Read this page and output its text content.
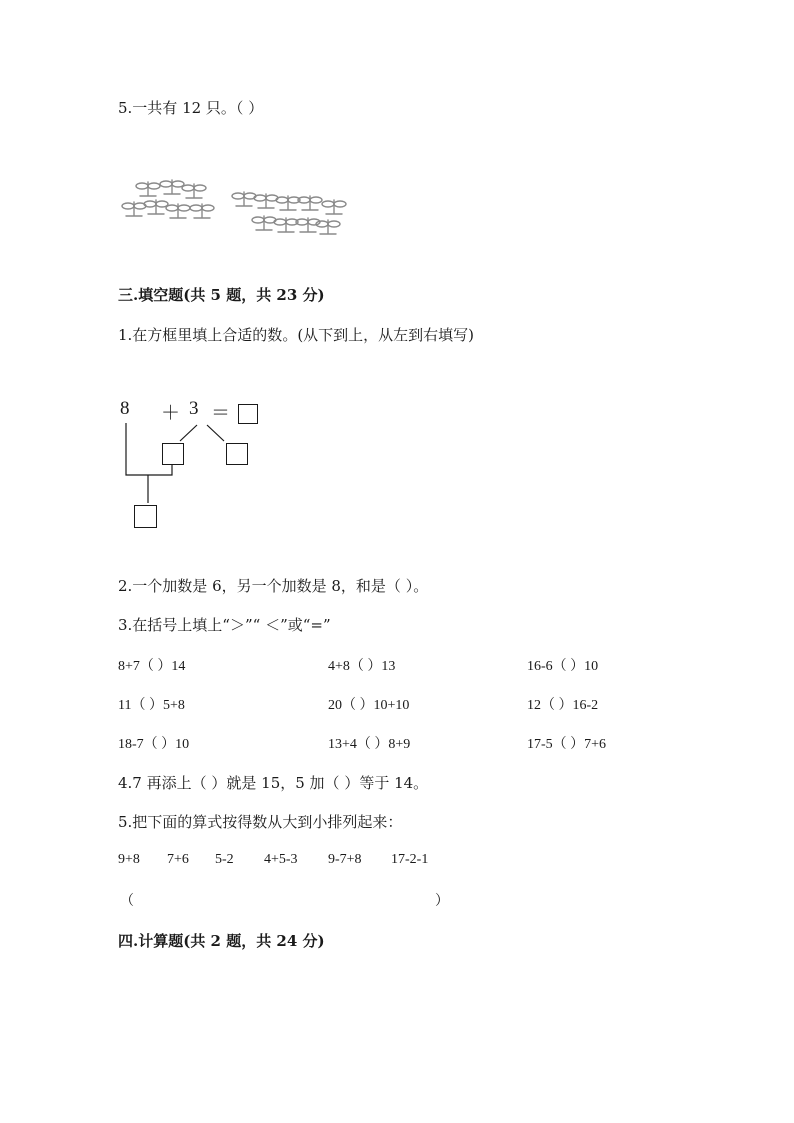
5.一共有 12 只。（ ）
三.填空题(共 5 题，共 23 分)
1.在方框里填上合适的数。(从下到上，从左到右填写)
8 ＋ 3 ＝
2.一个加数是 6，另一个加数是 8，和是（ ）。
3.在括号上填上“＞”“ ＜”或“=”
8+7（ ）14	4+8（ ）13	16-6（ ）10
11（ ）5+8	20（ ）10+10	12（ ）16-2
18-7（ ）10	13+4（ ）8+9	17-5（ ）7+6
4.7 再添上（ ）就是 15，5 加（ ）等于 14。
5.把下面的算式按得数从大到小排列起来：
9+8 7+6 5-2 4+5-3 9-7+8 17-2-1
（	）
四.计算题(共 2 题，共 24 分)
